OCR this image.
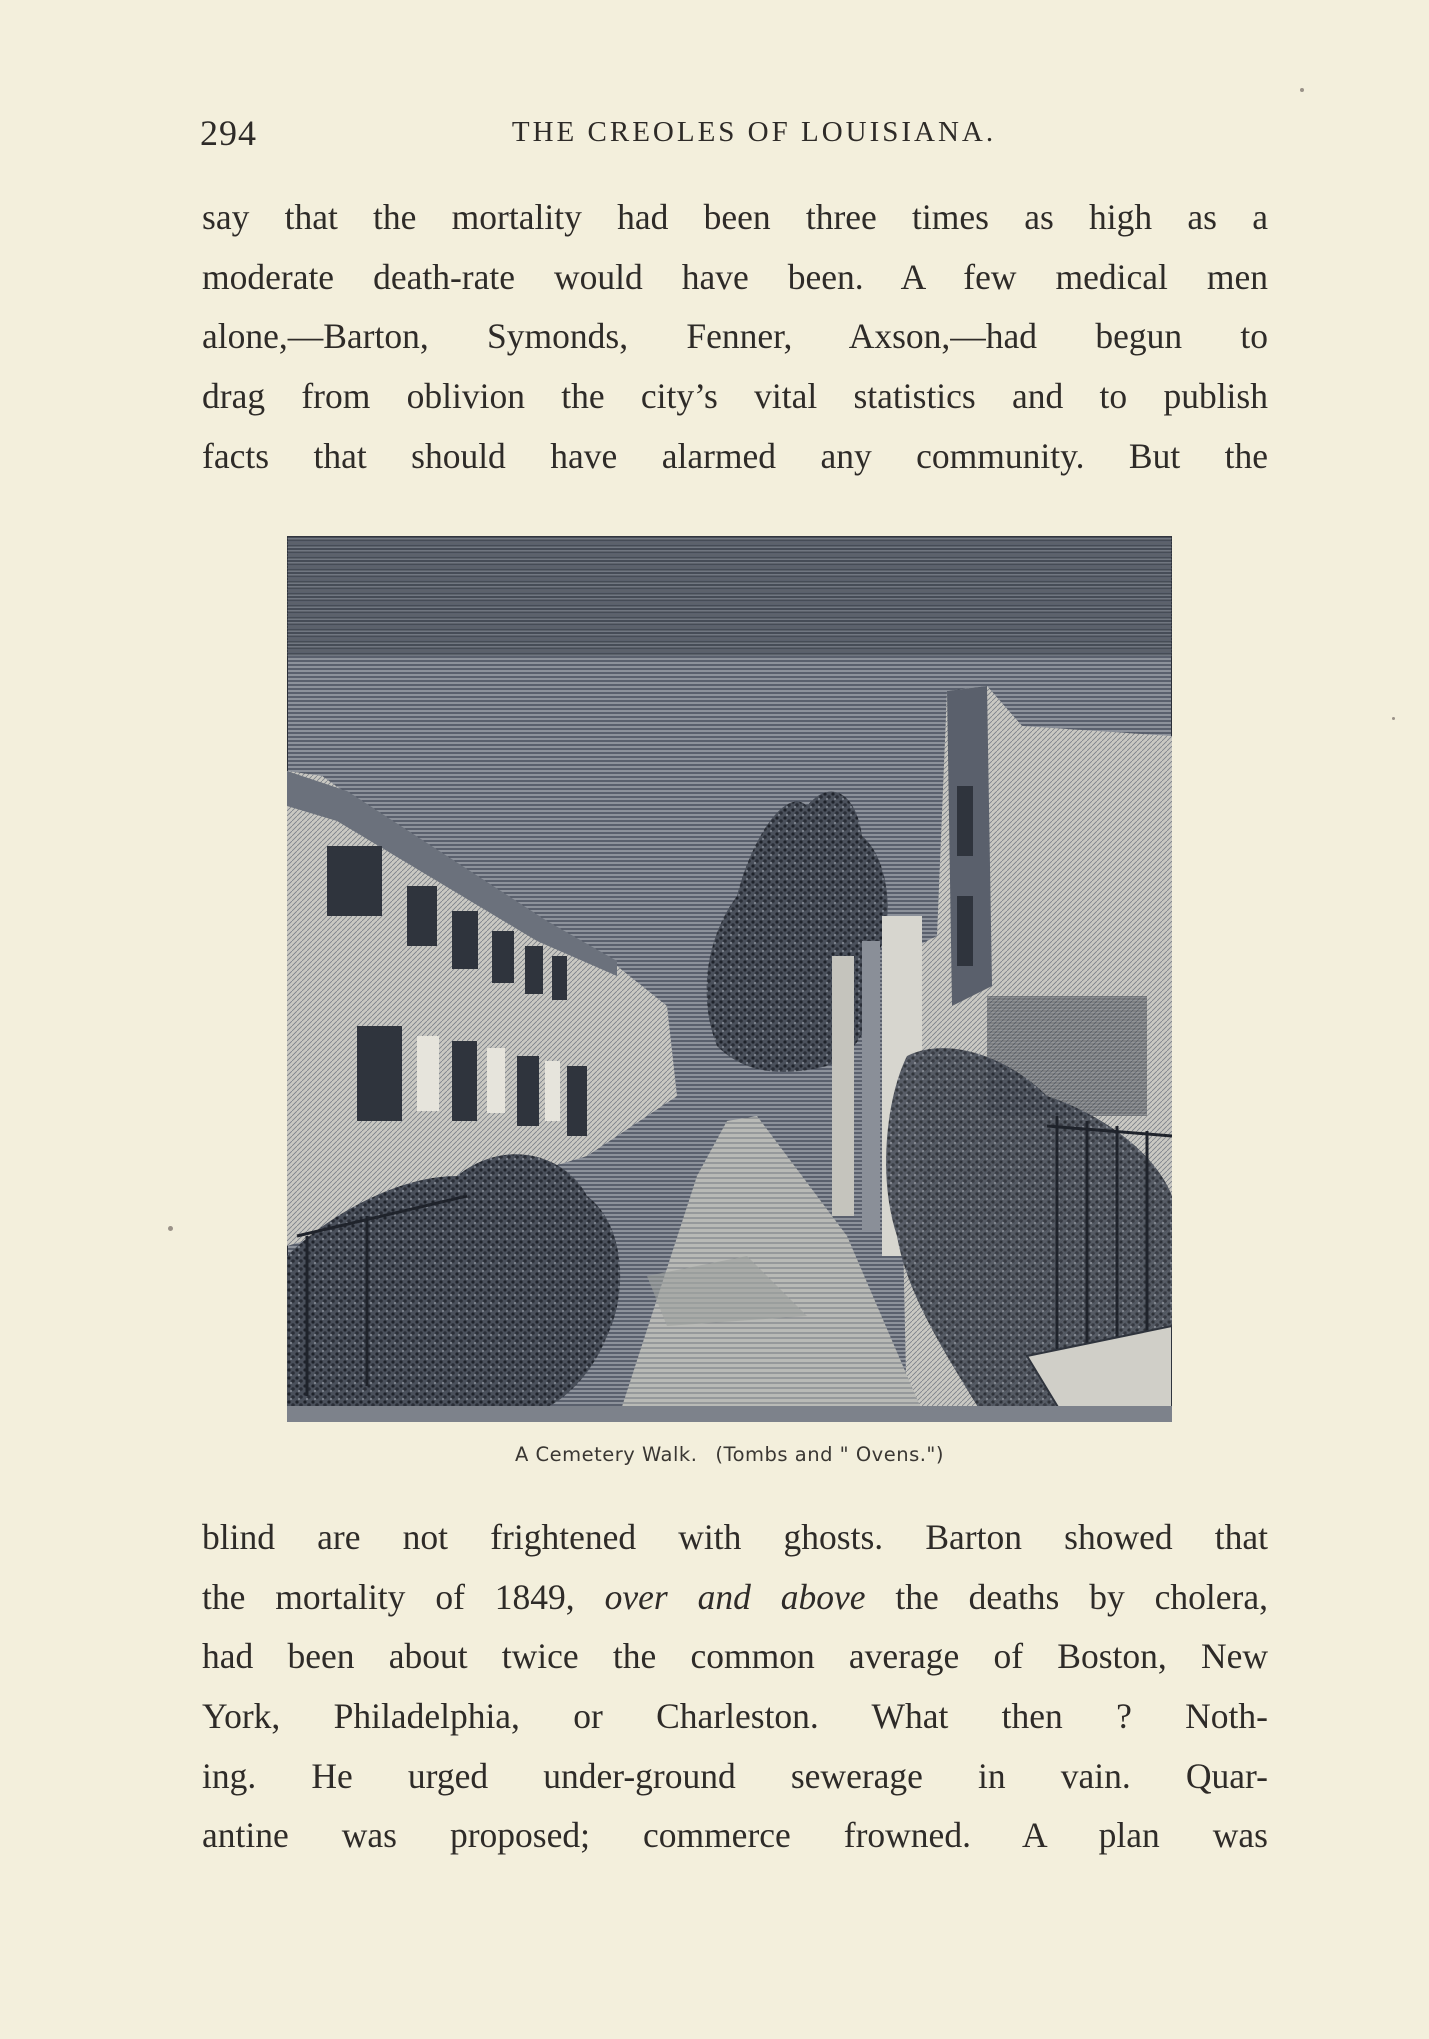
294	THE CREOLES OF LOUISIANA.
say that the mortality had been three times as high as a
moderate death-rate would have been. A few medical men
alone,—Barton, Symonds, Fenner, Axson,—had begun to
drag from oblivion the city’s vital statistics and to publish
facts that should have alarmed any community. But the
A Cemetery Walk. (Tombs and " Ovens.")
blind are not frightened with ghosts. Barton showed that
the mortality of 1849, over and above the deaths by cholera,
had been about twice the common average of Boston, New
York, Philadelphia, or Charleston. What then ? Noth-
ing. He urged under-ground sewerage in vain. Quar-
antine was proposed; commerce frowned. A plan was
